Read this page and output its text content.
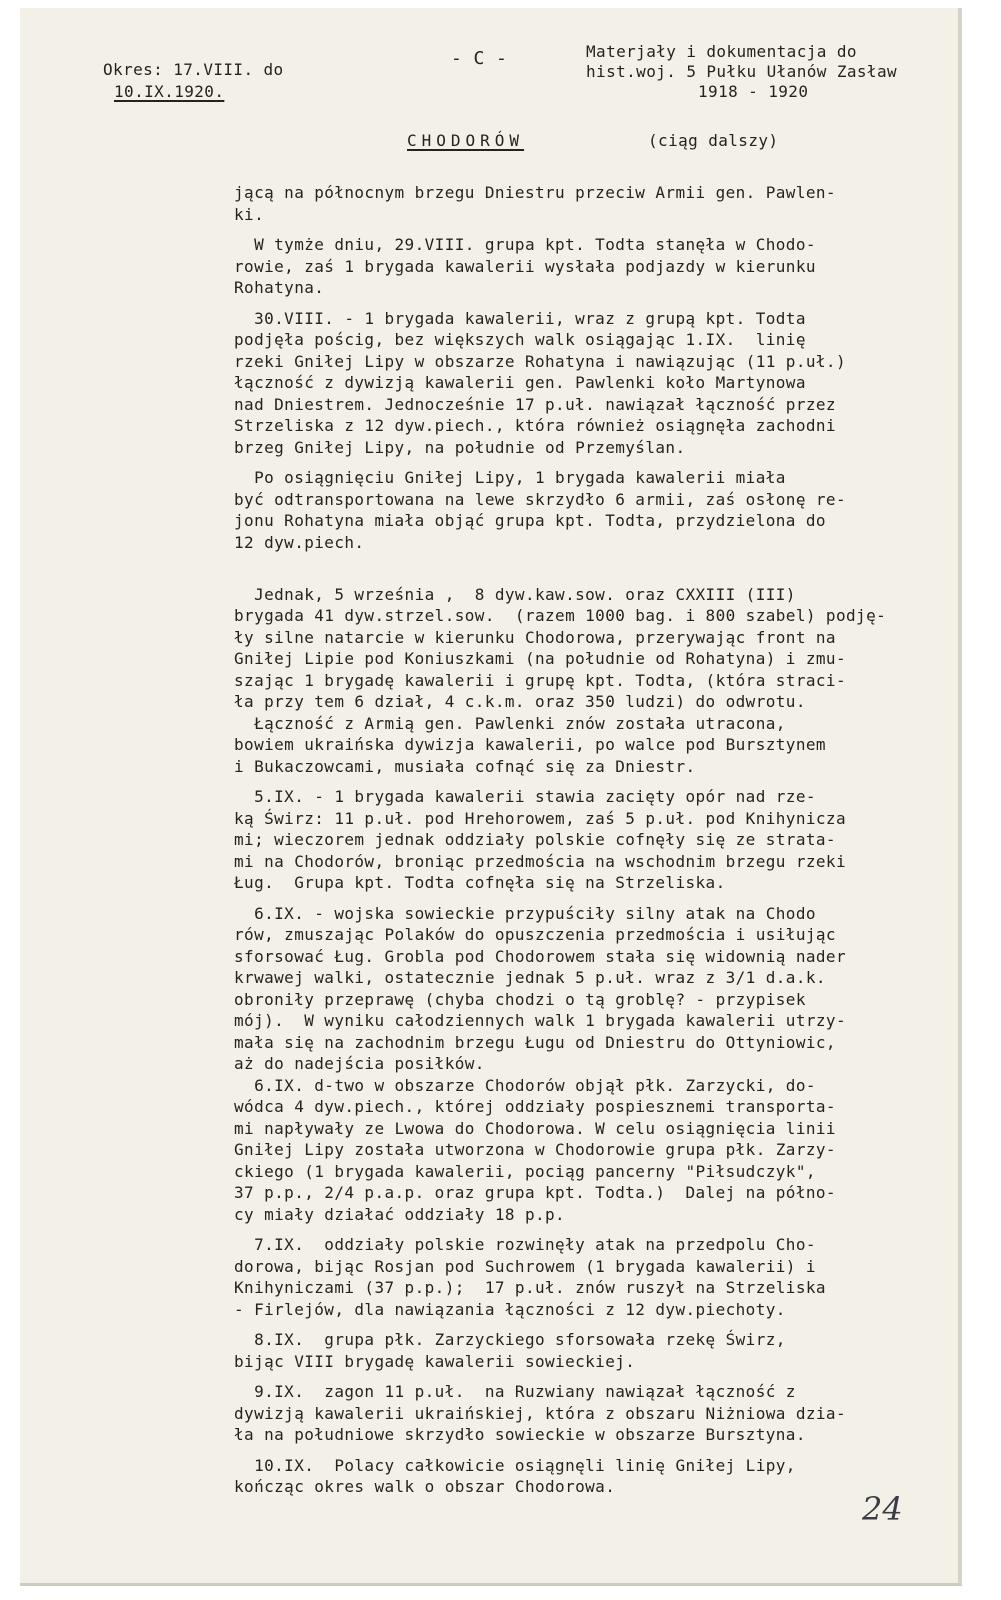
Okres: 17.VIII. do

10.IX.1920.

- C -	Materjały i dokumentacja do

hist.woj. 5 Pułku Ułanów Zasław

1918 - 1920

CHODORÓW	(ciąg dalszy)

jącą na północnym brzegu Dniestru przeciw Armii gen. Pawlen-
ki.
W tymże dniu, 29.VIII. grupa kpt. Todta stanęła w Chodo-
rowie, zaś 1 brygada kawalerii wysłała podjazdy w kierunku
Rohatyna.
30.VIII. - 1 brygada kawalerii, wraz z grupą kpt. Todta
podjęła pościg, bez większych walk osiągając 1.IX.  linię
rzeki Gniłej Lipy w obszarze Rohatyna i nawiązując (11 p.uł.)
łączność z dywizją kawalerii gen. Pawlenki koło Martynowa
nad Dniestrem. Jednocześnie 17 p.uł. nawiązał łączność przez
Strzeliska z 12 dyw.piech., która również osiągnęła zachodni
brzeg Gniłej Lipy, na południe od Przemyślan.
Po osiągnięciu Gniłej Lipy, 1 brygada kawalerii miała
być odtransportowana na lewe skrzydło 6 armii, zaś osłonę re-
jonu Rohatyna miała objąć grupa kpt. Todta, przydzielona do
12 dyw.piech.
Jednak, 5 września ,  8 dyw.kaw.sow. oraz CXXIII (III)
brygada 41 dyw.strzel.sow.  (razem 1000 bag. i 800 szabel) podję-
ły silne natarcie w kierunku Chodorowa, przerywając front na
Gniłej Lipie pod Koniuszkami (na południe od Rohatyna) i zmu-
szając 1 brygadę kawalerii i grupę kpt. Todta, (która straci-
ła przy tem 6 dział, 4 c.k.m. oraz 350 ludzi) do odwrotu.
Łączność z Armią gen. Pawlenki znów została utracona,
bowiem ukraińska dywizja kawalerii, po walce pod Bursztynem
i Bukaczowcami, musiała cofnąć się za Dniestr.
5.IX. - 1 brygada kawalerii stawia zacięty opór nad rze-
ką Świrz: 11 p.uł. pod Hrehorowem, zaś 5 p.uł. pod Knihynicza
mi; wieczorem jednak oddziały polskie cofnęły się ze strata-
mi na Chodorów, broniąc przedmościa na wschodnim brzegu rzeki
Ług.  Grupa kpt. Todta cofnęła się na Strzeliska.
6.IX. - wojska sowieckie przypuściły silny atak na Chodo
rów, zmuszając Polaków do opuszczenia przedmościa i usiłując
sforsować Ług. Grobla pod Chodorowem stała się widownią nader
krwawej walki, ostatecznie jednak 5 p.uł. wraz z 3/1 d.a.k.
obroniły przeprawę (chyba chodzi o tą groblę? - przypisek
mój).  W wyniku całodziennych walk 1 brygada kawalerii utrzy-
mała się na zachodnim brzegu Ługu od Dniestru do Ottyniowic,
aż do nadejścia posiłków.
6.IX. d-two w obszarze Chodorów objął płk. Zarzycki, do-
wódca 4 dyw.piech., której oddziały pospiesznemi transporta-
mi napływały ze Lwowa do Chodorowa. W celu osiągnięcia linii
Gniłej Lipy została utworzona w Chodorowie grupa płk. Zarzy-
ckiego (1 brygada kawalerii, pociąg pancerny "Piłsudczyk",
37 p.p., 2/4 p.a.p. oraz grupa kpt. Todta.)  Dalej na półno-
cy miały działać oddziały 18 p.p.
7.IX.  oddziały polskie rozwinęły atak na przedpolu Cho-
dorowa, bijąc Rosjan pod Suchrowem (1 brygada kawalerii) i
Knihyniczami (37 p.p.);  17 p.uł. znów ruszył na Strzeliska
- Firlejów, dla nawiązania łączności z 12 dyw.piechoty.
8.IX.  grupa płk. Zarzyckiego sforsowała rzekę Świrz,
bijąc VIII brygadę kawalerii sowieckiej.
9.IX.  zagon 11 p.uł.  na Ruzwiany nawiązał łączność z
dywizją kawalerii ukraińskiej, która z obszaru Niżniowa dzia-
ła na południowe skrzydło sowieckie w obszarze Bursztyna.
10.IX.  Polacy całkowicie osiągnęli linię Gniłej Lipy,
kończąc okres walk o obszar Chodorowa.
24
